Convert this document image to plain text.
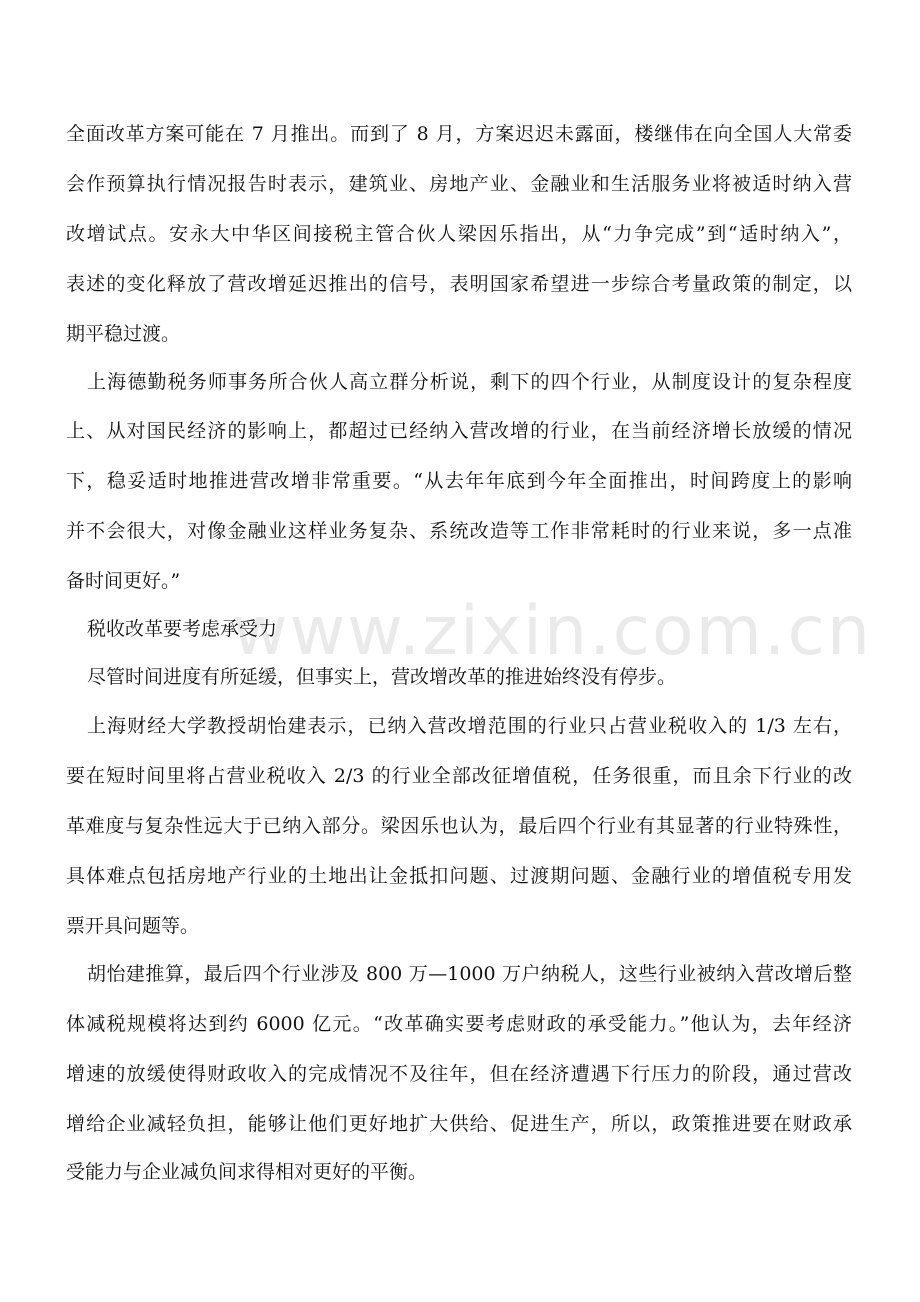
www.zixin.com.cn
全面改革方案可能在 7 月推出。而到了 8 月，方案迟迟未露面，楼继伟在向全国人大常委
会作预算执行情况报告时表示，建筑业、房地产业、金融业和生活服务业将被适时纳入营
改增试点。安永大中华区间接税主管合伙人梁因乐指出，从“力争完成”到“适时纳入”，
表述的变化释放了营改增延迟推出的信号，表明国家希望进一步综合考量政策的制定，以
期平稳过渡。
上海德勤税务师事务所合伙人高立群分析说，剩下的四个行业，从制度设计的复杂程度
上、从对国民经济的影响上，都超过已经纳入营改增的行业，在当前经济增长放缓的情况
下，稳妥适时地推进营改增非常重要。“从去年年底到今年全面推出，时间跨度上的影响
并不会很大，对像金融业这样业务复杂、系统改造等工作非常耗时的行业来说，多一点准
备时间更好。”
税收改革要考虑承受力
尽管时间进度有所延缓，但事实上，营改增改革的推进始终没有停步。
上海财经大学教授胡怡建表示，已纳入营改增范围的行业只占营业税收入的 1/3 左右，
要在短时间里将占营业税收入 2/3 的行业全部改征增值税，任务很重，而且余下行业的改
革难度与复杂性远大于已纳入部分。梁因乐也认为，最后四个行业有其显著的行业特殊性，
具体难点包括房地产行业的土地出让金抵扣问题、过渡期问题、金融行业的增值税专用发
票开具问题等。
胡怡建推算，最后四个行业涉及 800 万—1000 万户纳税人，这些行业被纳入营改增后整
体减税规模将达到约 6000 亿元。“改革确实要考虑财政的承受能力。”他认为，去年经济
增速的放缓使得财政收入的完成情况不及往年，但在经济遭遇下行压力的阶段，通过营改
增给企业减轻负担，能够让他们更好地扩大供给、促进生产，所以，政策推进要在财政承
受能力与企业减负间求得相对更好的平衡。
